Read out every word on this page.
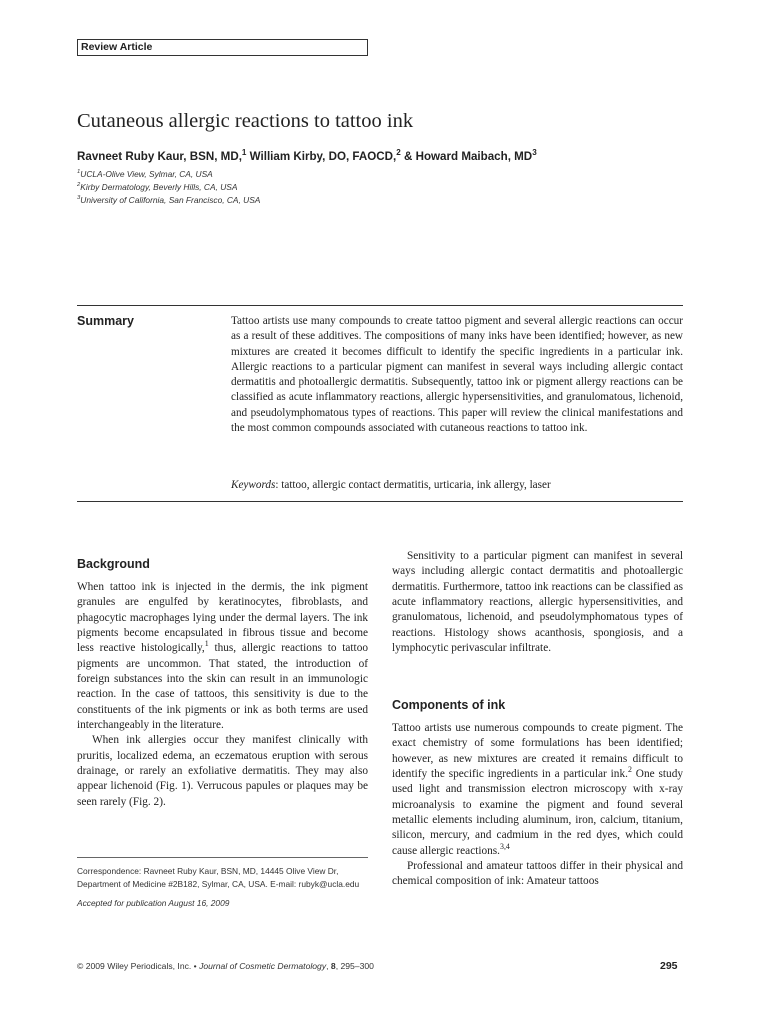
Review Article
Cutaneous allergic reactions to tattoo ink
Ravneet Ruby Kaur, BSN, MD,$^1$ William Kirby, DO, FAOCD,$^2$ & Howard Maibach, $MD^3$
$^1$UCLA-Olive View, Sylmar, CA, USA
$^2$Kirby Dermatology, Beverly Hills, CA, USA
$^3$University of California, San Francisco, CA, USA
Summary	Tattoo artists use many compounds to create tattoo pigment and several allergic reactions can occur as a result of these additives. The compositions of many inks have been identified; however, as new mixtures are created it becomes difficult to identify the specific ingredients in a particular ink. Allergic reactions to a particular pigment can manifest in several ways including allergic contact dermatitis and photoallergic dermatitis. Subsequently, tattoo ink or pigment allergy reactions can be classified as acute inflammatory reactions, allergic hypersensitivities, and granulomatous, lichenoid, and pseudolymphomatous types of reactions. This paper will review the clinical manifestations and the most common compounds associated with cutaneous reactions to tattoo ink.
Keywords: tattoo, allergic contact dermatitis, urticaria, ink allergy, laser
Background

When tattoo ink is injected in the dermis, the ink pigment granules are engulfed by keratinocytes, fibroblasts, and phagocytic macrophages lying under the dermal layers. The ink pigments become encapsulated in fibrous tissue and become less reactive histologically,$^1$ thus, allergic reactions to tattoo pigments are uncommon. That stated, the introduction of foreign substances into the skin can result in an immunologic reaction. In the case of tattoos, this sensitivity is due to the constituents of the ink pigments or ink as both terms are used interchangeably in the literature.

When ink allergies occur they manifest clinically with pruritis, localized edema, an eczematous eruption with serous drainage, or rarely an exfoliative dermatitis. They may also appear lichenoid (Fig. 1). Verrucous papules or plaques may be seen rarely (Fig. 2).

Correspondence: Ravneet Ruby Kaur, BSN, MD, 14445 Olive View Dr,
Department of Medicine #2B182, Sylmar, CA, USA. E-mail: rubyk@ucla.edu
Accepted for publication August 16, 2009

Sensitivity to a particular pigment can manifest in several ways including allergic contact dermatitis and photoallergic dermatitis. Furthermore, tattoo ink reactions can be classified as acute inflammatory reactions, allergic hypersensitivities, and granulomatous, lichenoid, and pseudolymphomatous types of reactions. Histology shows acanthosis, spongiosis, and a lymphocytic perivascular infiltrate.

Components of ink

Tattoo artists use numerous compounds to create pigment. The exact chemistry of some formulations has been identified; however, as new mixtures are created it remains difficult to identify the specific ingredients in a particular ink.$^2$ One study used light and transmission electron microscopy with x-ray microanalysis to examine the pigment and found several metallic elements including aluminum, iron, calcium, titanium, silicon, mercury, and cadmium in the red dyes, which could cause allergic reactions.$^{3,4}$

Professional and amateur tattoos differ in their physical and chemical composition of ink: Amateur tattoos

© 2009 Wiley Periodicals, Inc. • Journal of Cosmetic Dermatology, 8, 295–300	295
